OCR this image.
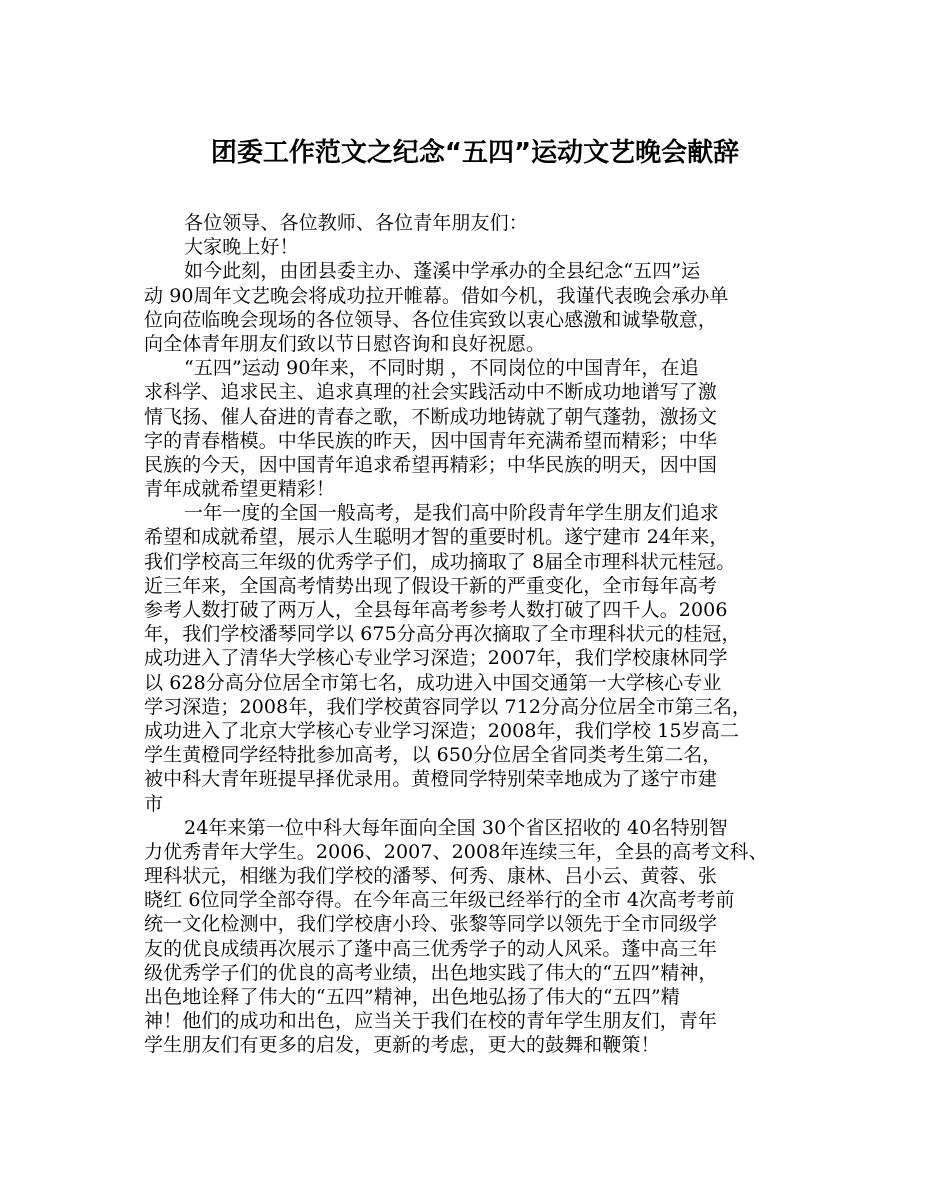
团委工作范文之纪念“五四”运动文艺晚会献辞
各位领导、各位教师、各位青年朋友们：
大家晚上好！
如今此刻，由团县委主办、蓬溪中学承办的全县纪念“五四”运
动 90周年文艺晚会将成功拉开帷幕。借如今机，我谨代表晚会承办单
位向莅临晚会现场的各位领导、各位佳宾致以衷心感激和诚挚敬意，
向全体青年朋友们致以节日慰咨询和良好祝愿。
“五四”运动 90年来，不同时期 ，不同岗位的中国青年，在追
求科学、追求民主、追求真理的社会实践活动中不断成功地谱写了激
情飞扬、催人奋进的青春之歌，不断成功地铸就了朝气蓬勃，激扬文
字的青春楷模。中华民族的昨天，因中国青年充满希望而精彩；中华
民族的今天，因中国青年追求希望再精彩；中华民族的明天，因中国
青年成就希望更精彩！
一年一度的全国一般高考，是我们高中阶段青年学生朋友们追求
希望和成就希望，展示人生聪明才智的重要时机。遂宁建市 24年来，
我们学校高三年级的优秀学子们，成功摘取了 8届全市理科状元桂冠。
近三年来，全国高考情势出现了假设干新的严重变化，全市每年高考
参考人数打破了两万人，全县每年高考参考人数打破了四千人。2006
年，我们学校潘琴同学以 675分高分再次摘取了全市理科状元的桂冠，
成功进入了清华大学核心专业学习深造；2007年，我们学校康林同学
以 628分高分位居全市第七名，成功进入中国交通第一大学核心专业
学习深造；2008年，我们学校黄容同学以 712分高分位居全市第三名，
成功进入了北京大学核心专业学习深造；2008年，我们学校 15岁高二
学生黄橙同学经特批参加高考，以 650分位居全省同类考生第二名，
被中科大青年班提早择优录用。黄橙同学特别荣幸地成为了遂宁市建
市
24年来第一位中科大每年面向全国 30个省区招收的 40名特别智
力优秀青年大学生。2006、2007、2008年连续三年，全县的高考文科、
理科状元，相继为我们学校的潘琴、何秀、康林、吕小云、黄蓉、张
晓红 6位同学全部夺得。在今年高三年级已经举行的全市 4次高考考前
统一文化检测中，我们学校唐小玲、张黎等同学以领先于全市同级学
友的优良成绩再次展示了蓬中高三优秀学子的动人风采。蓬中高三年
级优秀学子们的优良的高考业绩，出色地实践了伟大的“五四”精神，
出色地诠释了伟大的“五四”精神，出色地弘扬了伟大的“五四”精
神！他们的成功和出色，应当关于我们在校的青年学生朋友们，青年
学生朋友们有更多的启发，更新的考虑，更大的鼓舞和鞭策！
